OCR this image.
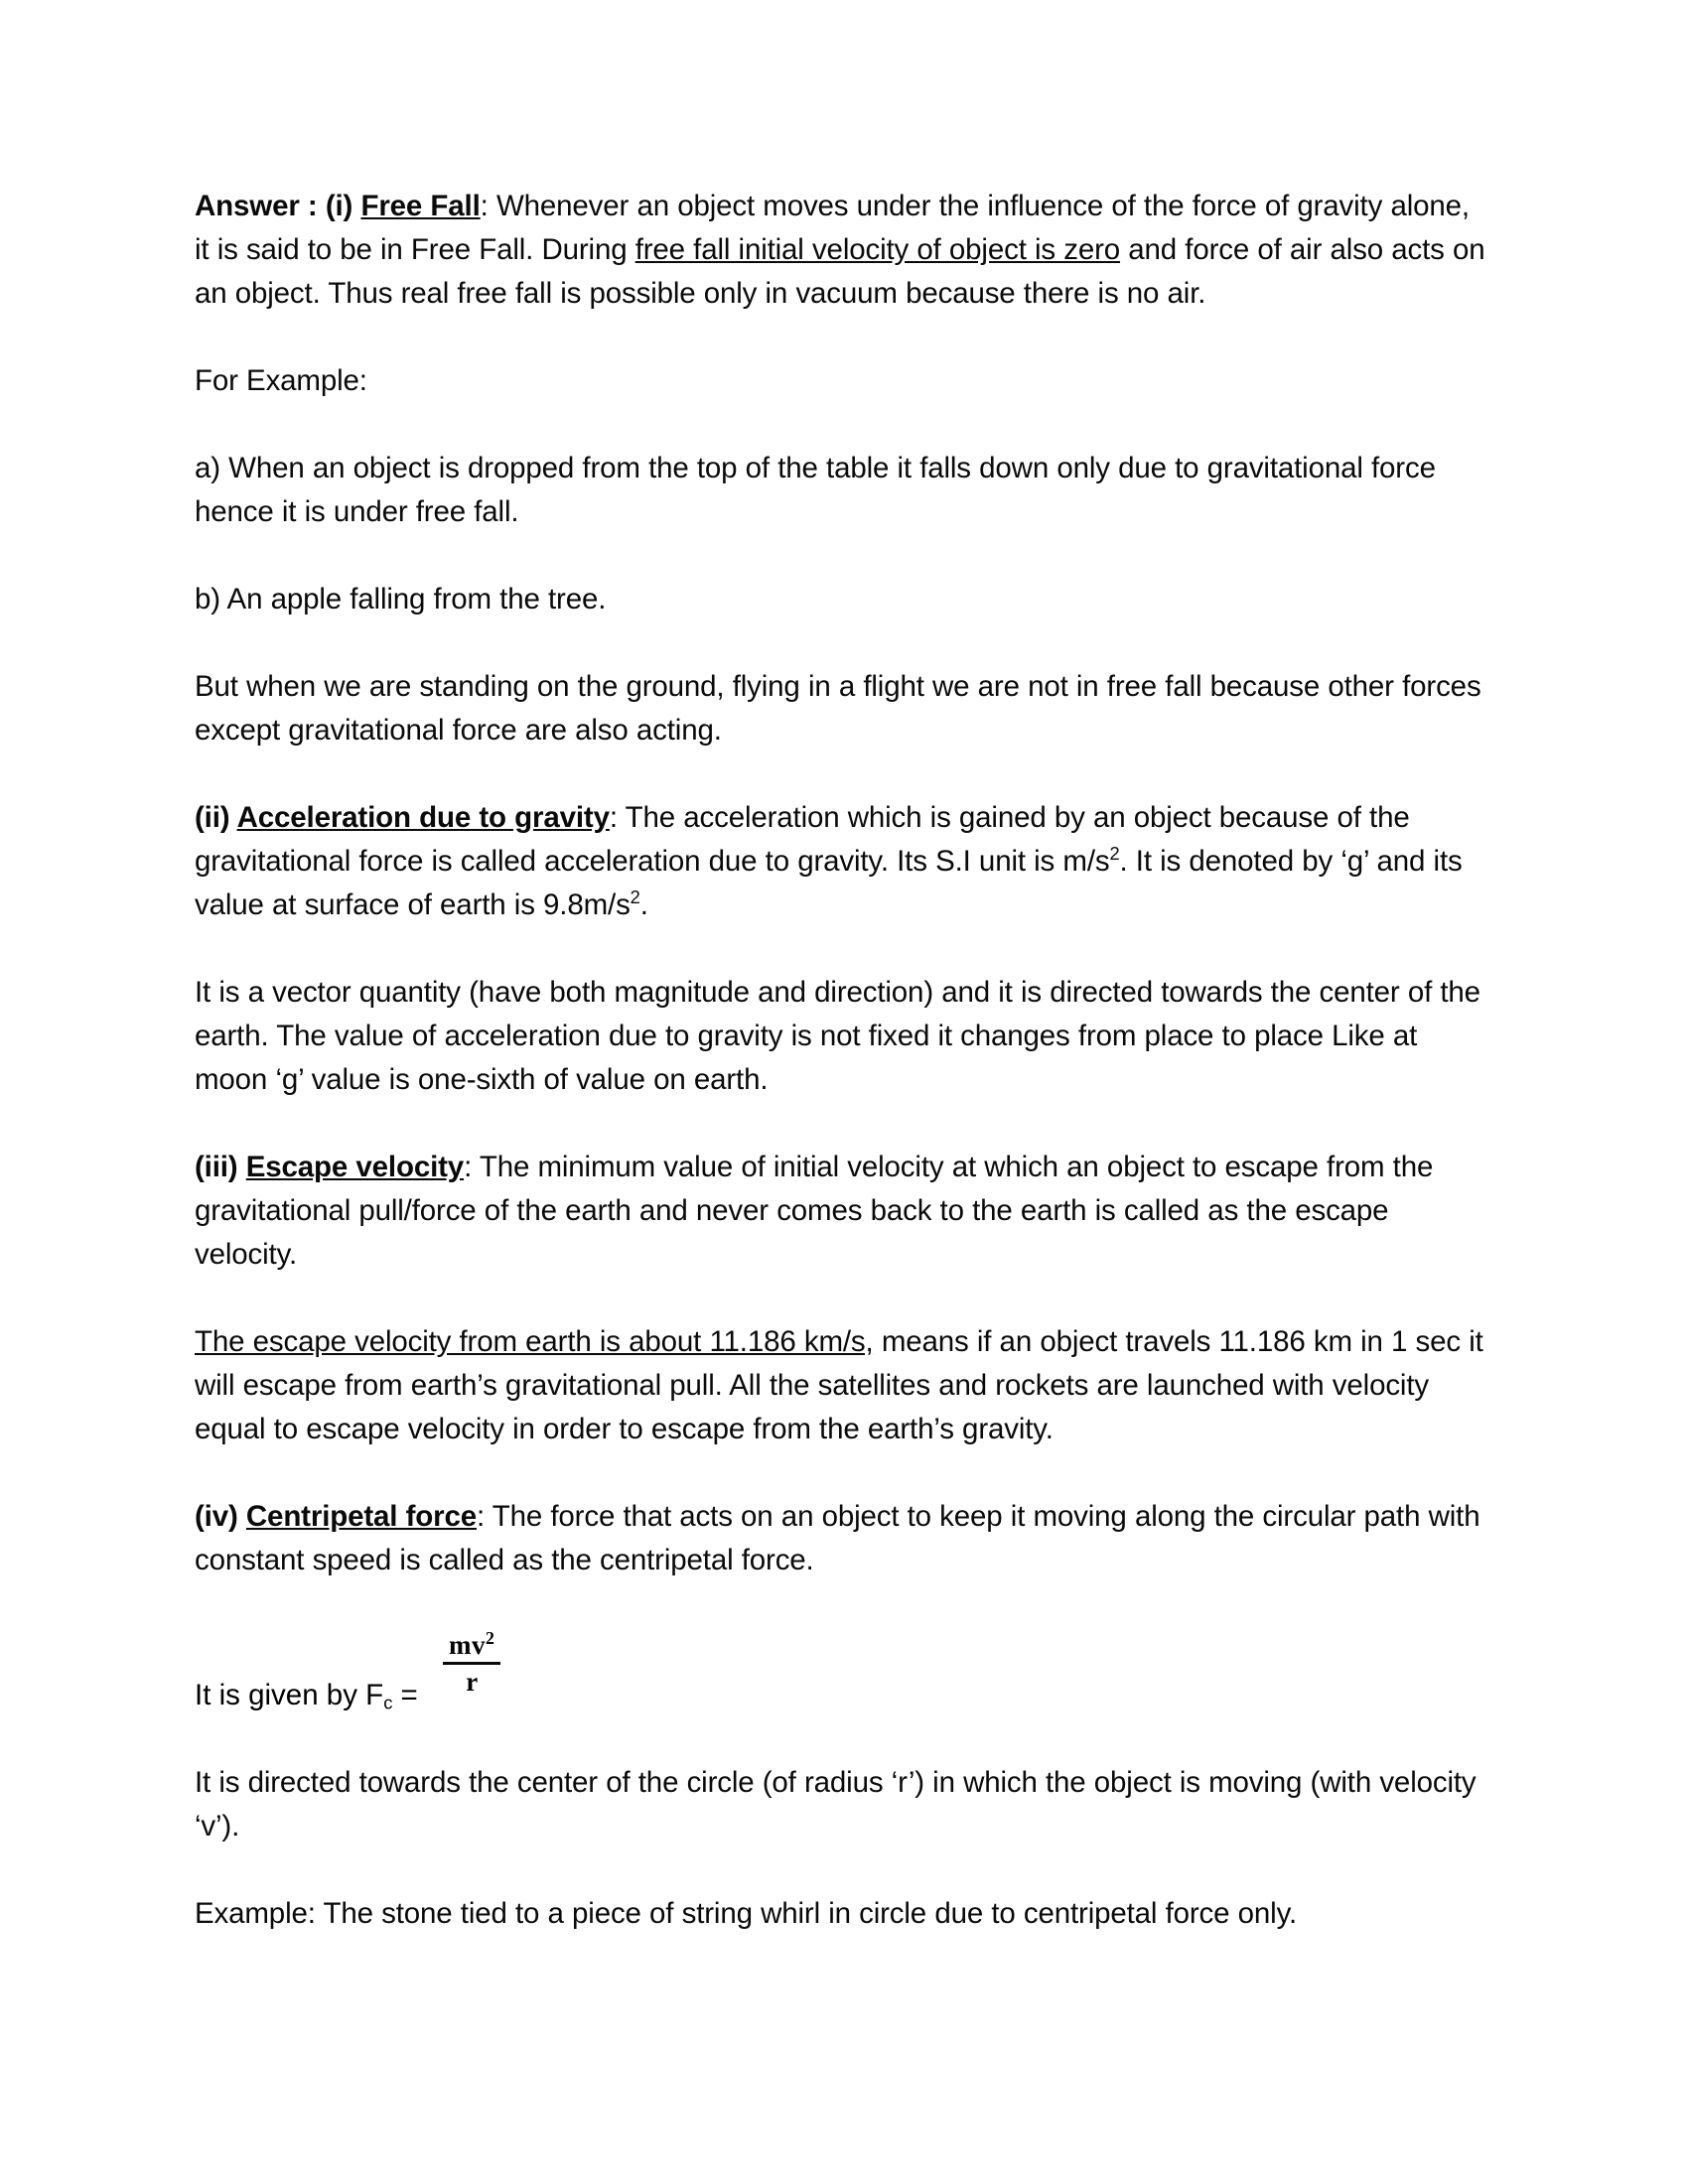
Answer : (i) Free Fall: Whenever an object moves under the influence of the force of gravity alone, it is said to be in Free Fall. During free fall initial velocity of object is zero and force of air also acts on an object. Thus real free fall is possible only in vacuum because there is no air.

For Example:

a) When an object is dropped from the top of the table it falls down only due to gravitational force hence it is under free fall.

b) An apple falling from the tree.

But when we are standing on the ground, flying in a flight we are not in free fall because other forces except gravitational force are also acting.

(ii) Acceleration due to gravity: The acceleration which is gained by an object because of the gravitational force is called acceleration due to gravity. Its S.I unit is $m/s^2$. It is denoted by ‘g’ and its value at surface of earth is $9.8m/s^2$.

It is a vector quantity (have both magnitude and direction) and it is directed towards the center of the earth. The value of acceleration due to gravity is not fixed it changes from place to place Like at moon ‘g’ value is one-sixth of value on earth.

(iii) Escape velocity: The minimum value of initial velocity at which an object to escape from the gravitational pull/force of the earth and never comes back to the earth is called as the escape velocity.

The escape velocity from earth is about 11.186 km/s, means if an object travels 11.186 km in 1 sec it will escape from earth’s gravitational pull. All the satellites and rockets are launched with velocity equal to escape velocity in order to escape from the earth’s gravity.

(iv) Centripetal force: The force that acts on an object to keep it moving along the circular path with constant speed is called as the centripetal force.

It is given by $F_c$ =
$mv^2$
r

It is directed towards the center of the circle (of radius ‘r’) in which the object is moving (with velocity ‘v’).

Example: The stone tied to a piece of string whirl in circle due to centripetal force only.
